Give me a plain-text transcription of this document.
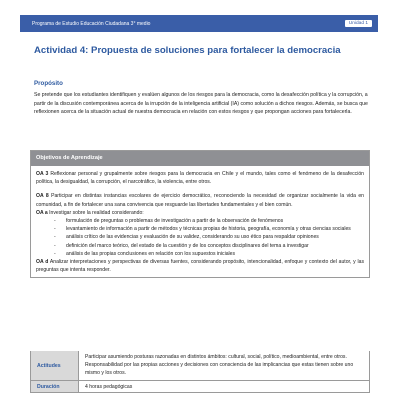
Programa de Estudio Educación Ciudadana 3° medio	Unidad 1
Actividad 4: Propuesta de soluciones para fortalecer la democracia
Propósito

Se pretende que los estudiantes identifiquen y evalúen algunos de los riesgos para la democracia, como la desafección política y la corrupción, a partir de la discusión contemporánea acerca de la irrupción de la inteligencia artificial (IA) como solución a dichos riesgos. Además, se busca que reflexionen acerca de la situación actual de nuestra democracia en relación con estos riesgos y que propongan acciones para fortalecerla.

Objetivos de Aprendizaje

OA 3 Reflexionar personal y grupalmente sobre riesgos para la democracia en Chile y el mundo, tales como el fenómeno de la desafección política, la desigualdad, la corrupción, el narcotráfico, la violencia, entre otros.

OA 8 Participar en distintas instancias escolares de ejercicio democrático, reconociendo la necesidad de organizar socialmente la vida en comunidad, a fin de fortalecer una sana convivencia que resguarde las libertades fundamentales y el bien común.

OA a Investigar sobre la realidad considerando:

- formulación de preguntas o problemas de investigación a partir de la observación de fenómenos
- levantamiento de información a partir de métodos y técnicas propias de historia, geografía, economía y otras ciencias sociales
- análisis crítico de las evidencias y evaluación de su validez, considerando su uso ético para respaldar opiniones
- definición del marco teórico, del estado de la cuestión y de los conceptos disciplinares del tema a investigar
- análisis de las propias conclusiones en relación con los supuestos iniciales

OA d Analizar interpretaciones y perspectivas de diversas fuentes, considerando propósito, intencionalidad, enfoque y contexto del autor, y las preguntas que intenta responder.

Actitudes
Participar asumiendo posturas razonadas en distintos ámbitos: cultural, social, político, medioambiental, entre otros.
Responsabilidad por las propias acciones y decisiones con consciencia de las implicancias que estas tienen sobre uno mismo y los otros.
Duración	4 horas pedagógicas
